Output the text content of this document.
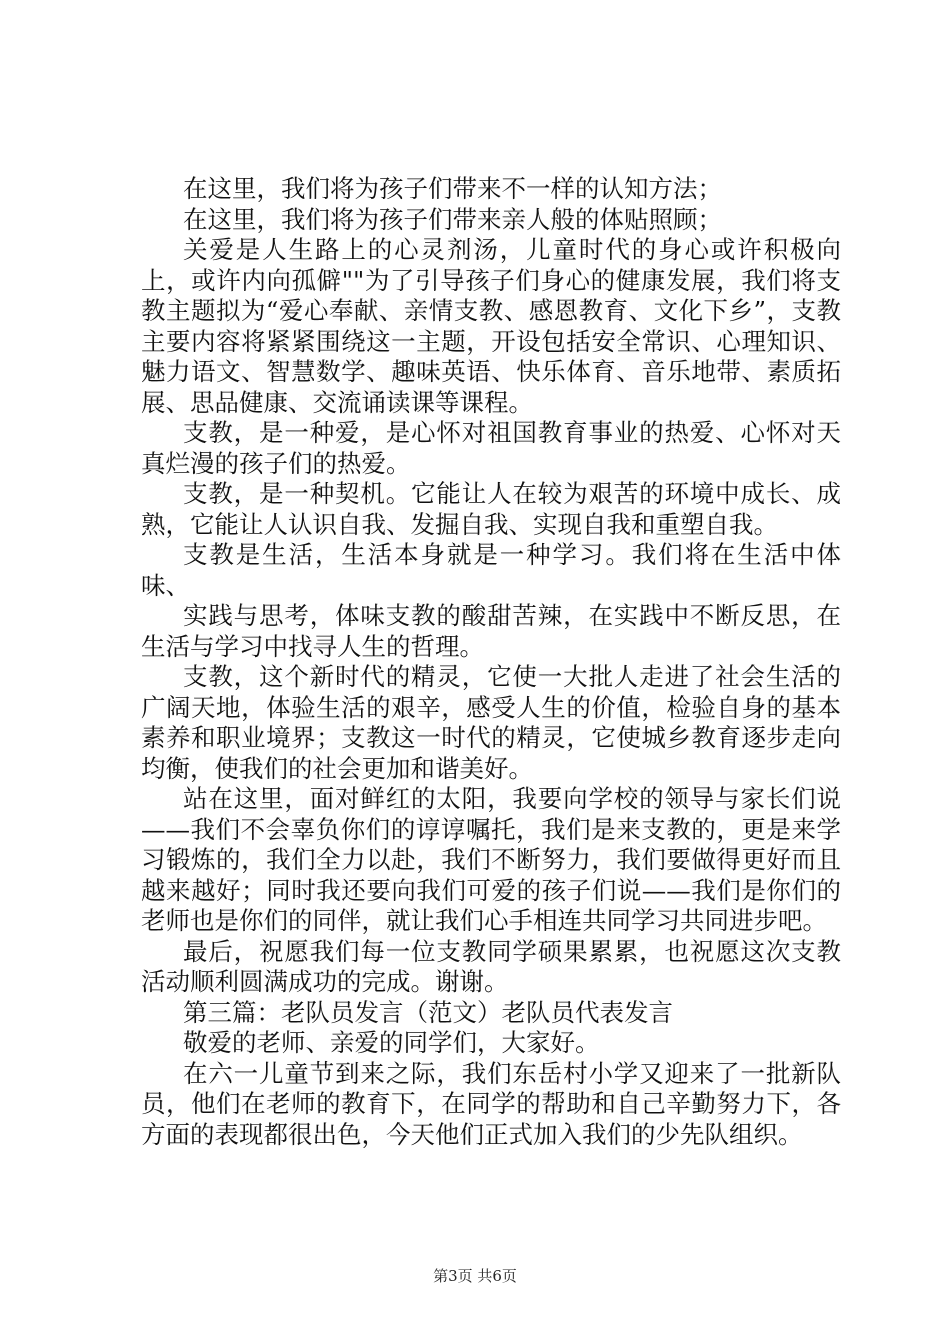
在这里，我们将为孩子们带来不一样的认知方法；

在这里，我们将为孩子们带来亲人般的体贴照顾；

关爱是人生路上的心灵剂汤，儿童时代的身心或许积极向上，或许内向孤僻""为了引导孩子们身心的健康发展，我们将支教主题拟为“爱心奉献、亲情支教、感恩教育、文化下乡”，支教主要内容将紧紧围绕这一主题，开设包括安全常识、心理知识、魅力语文、智慧数学、趣味英语、快乐体育、音乐地带、素质拓展、思品健康、交流诵读课等课程。

支教，是一种爱，是心怀对祖国教育事业的热爱、心怀对天真烂漫的孩子们的热爱。

支教，是一种契机。它能让人在较为艰苦的环境中成长、成熟，它能让人认识自我、发掘自我、实现自我和重塑自我。

支教是生活，生活本身就是一种学习。我们将在生活中体味、

实践与思考，体味支教的酸甜苦辣，在实践中不断反思，在生活与学习中找寻人生的哲理。

支教，这个新时代的精灵，它使一大批人走进了社会生活的广阔天地，体验生活的艰辛，感受人生的价值，检验自身的基本素养和职业境界；支教这一时代的精灵，它使城乡教育逐步走向均衡，使我们的社会更加和谐美好。

站在这里，面对鲜红的太阳，我要向学校的领导与家长们说——我们不会辜负你们的谆谆嘱托，我们是来支教的，更是来学习锻炼的，我们全力以赴，我们不断努力，我们要做得更好而且越来越好；同时我还要向我们可爱的孩子们说——我们是你们的老师也是你们的同伴，就让我们心手相连共同学习共同进步吧。

最后，祝愿我们每一位支教同学硕果累累，也祝愿这次支教活动顺利圆满成功的完成。谢谢。

第三篇：老队员发言（范文）老队员代表发言

敬爱的老师、亲爱的同学们，大家好。

在六一儿童节到来之际，我们东岳村小学又迎来了一批新队员，他们在老师的教育下，在同学的帮助和自己辛勤努力下，各方面的表现都很出色，今天他们正式加入我们的少先队组织。

第3页 共6页
